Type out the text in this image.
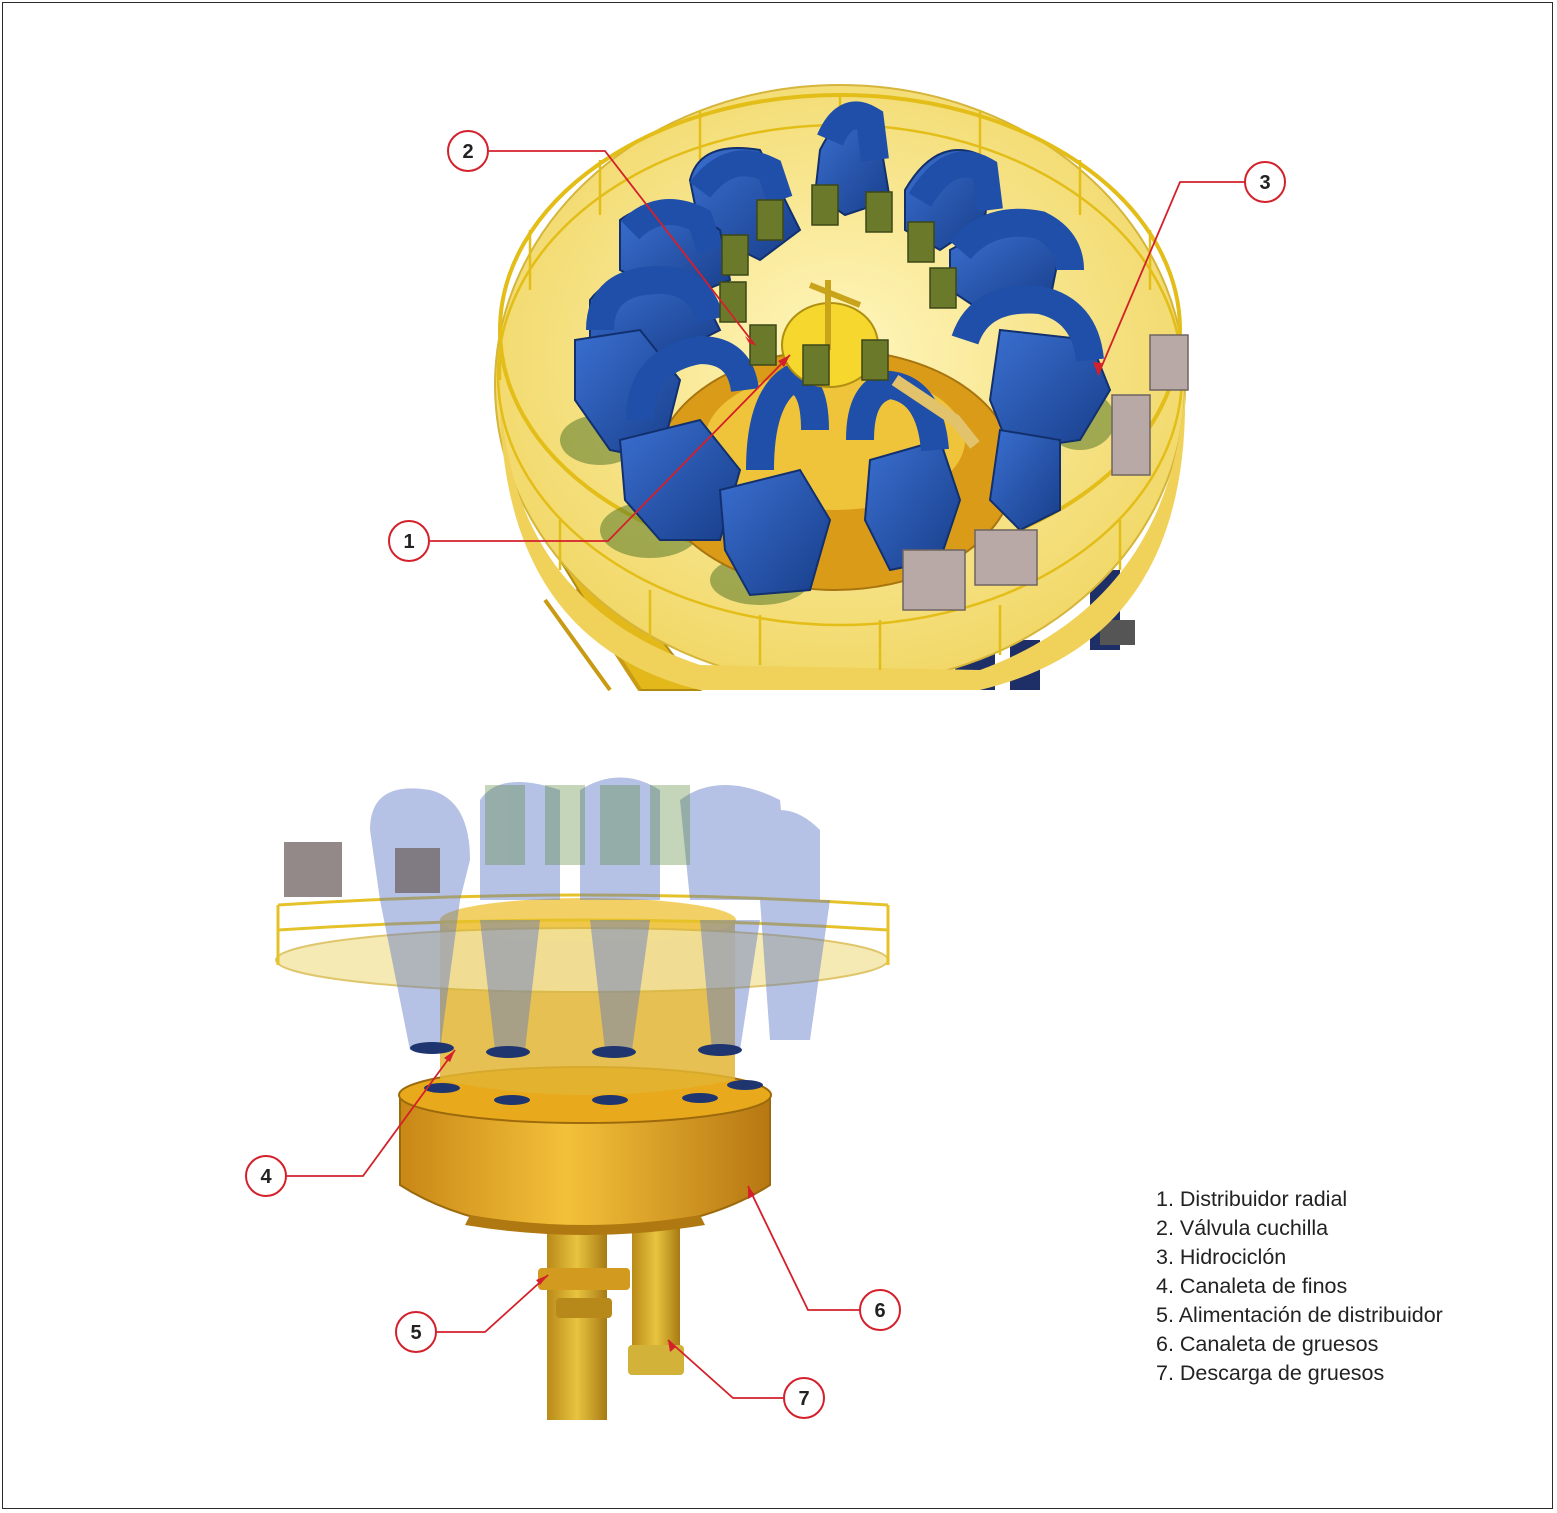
1
2
3
4
5
6
7
1. Distribuidor radial
2. Válvula cuchilla
3. Hidrociclón
4. Canaleta de finos
5. Alimentación de distribuidor
6. Canaleta de gruesos
7. Descarga de gruesos
